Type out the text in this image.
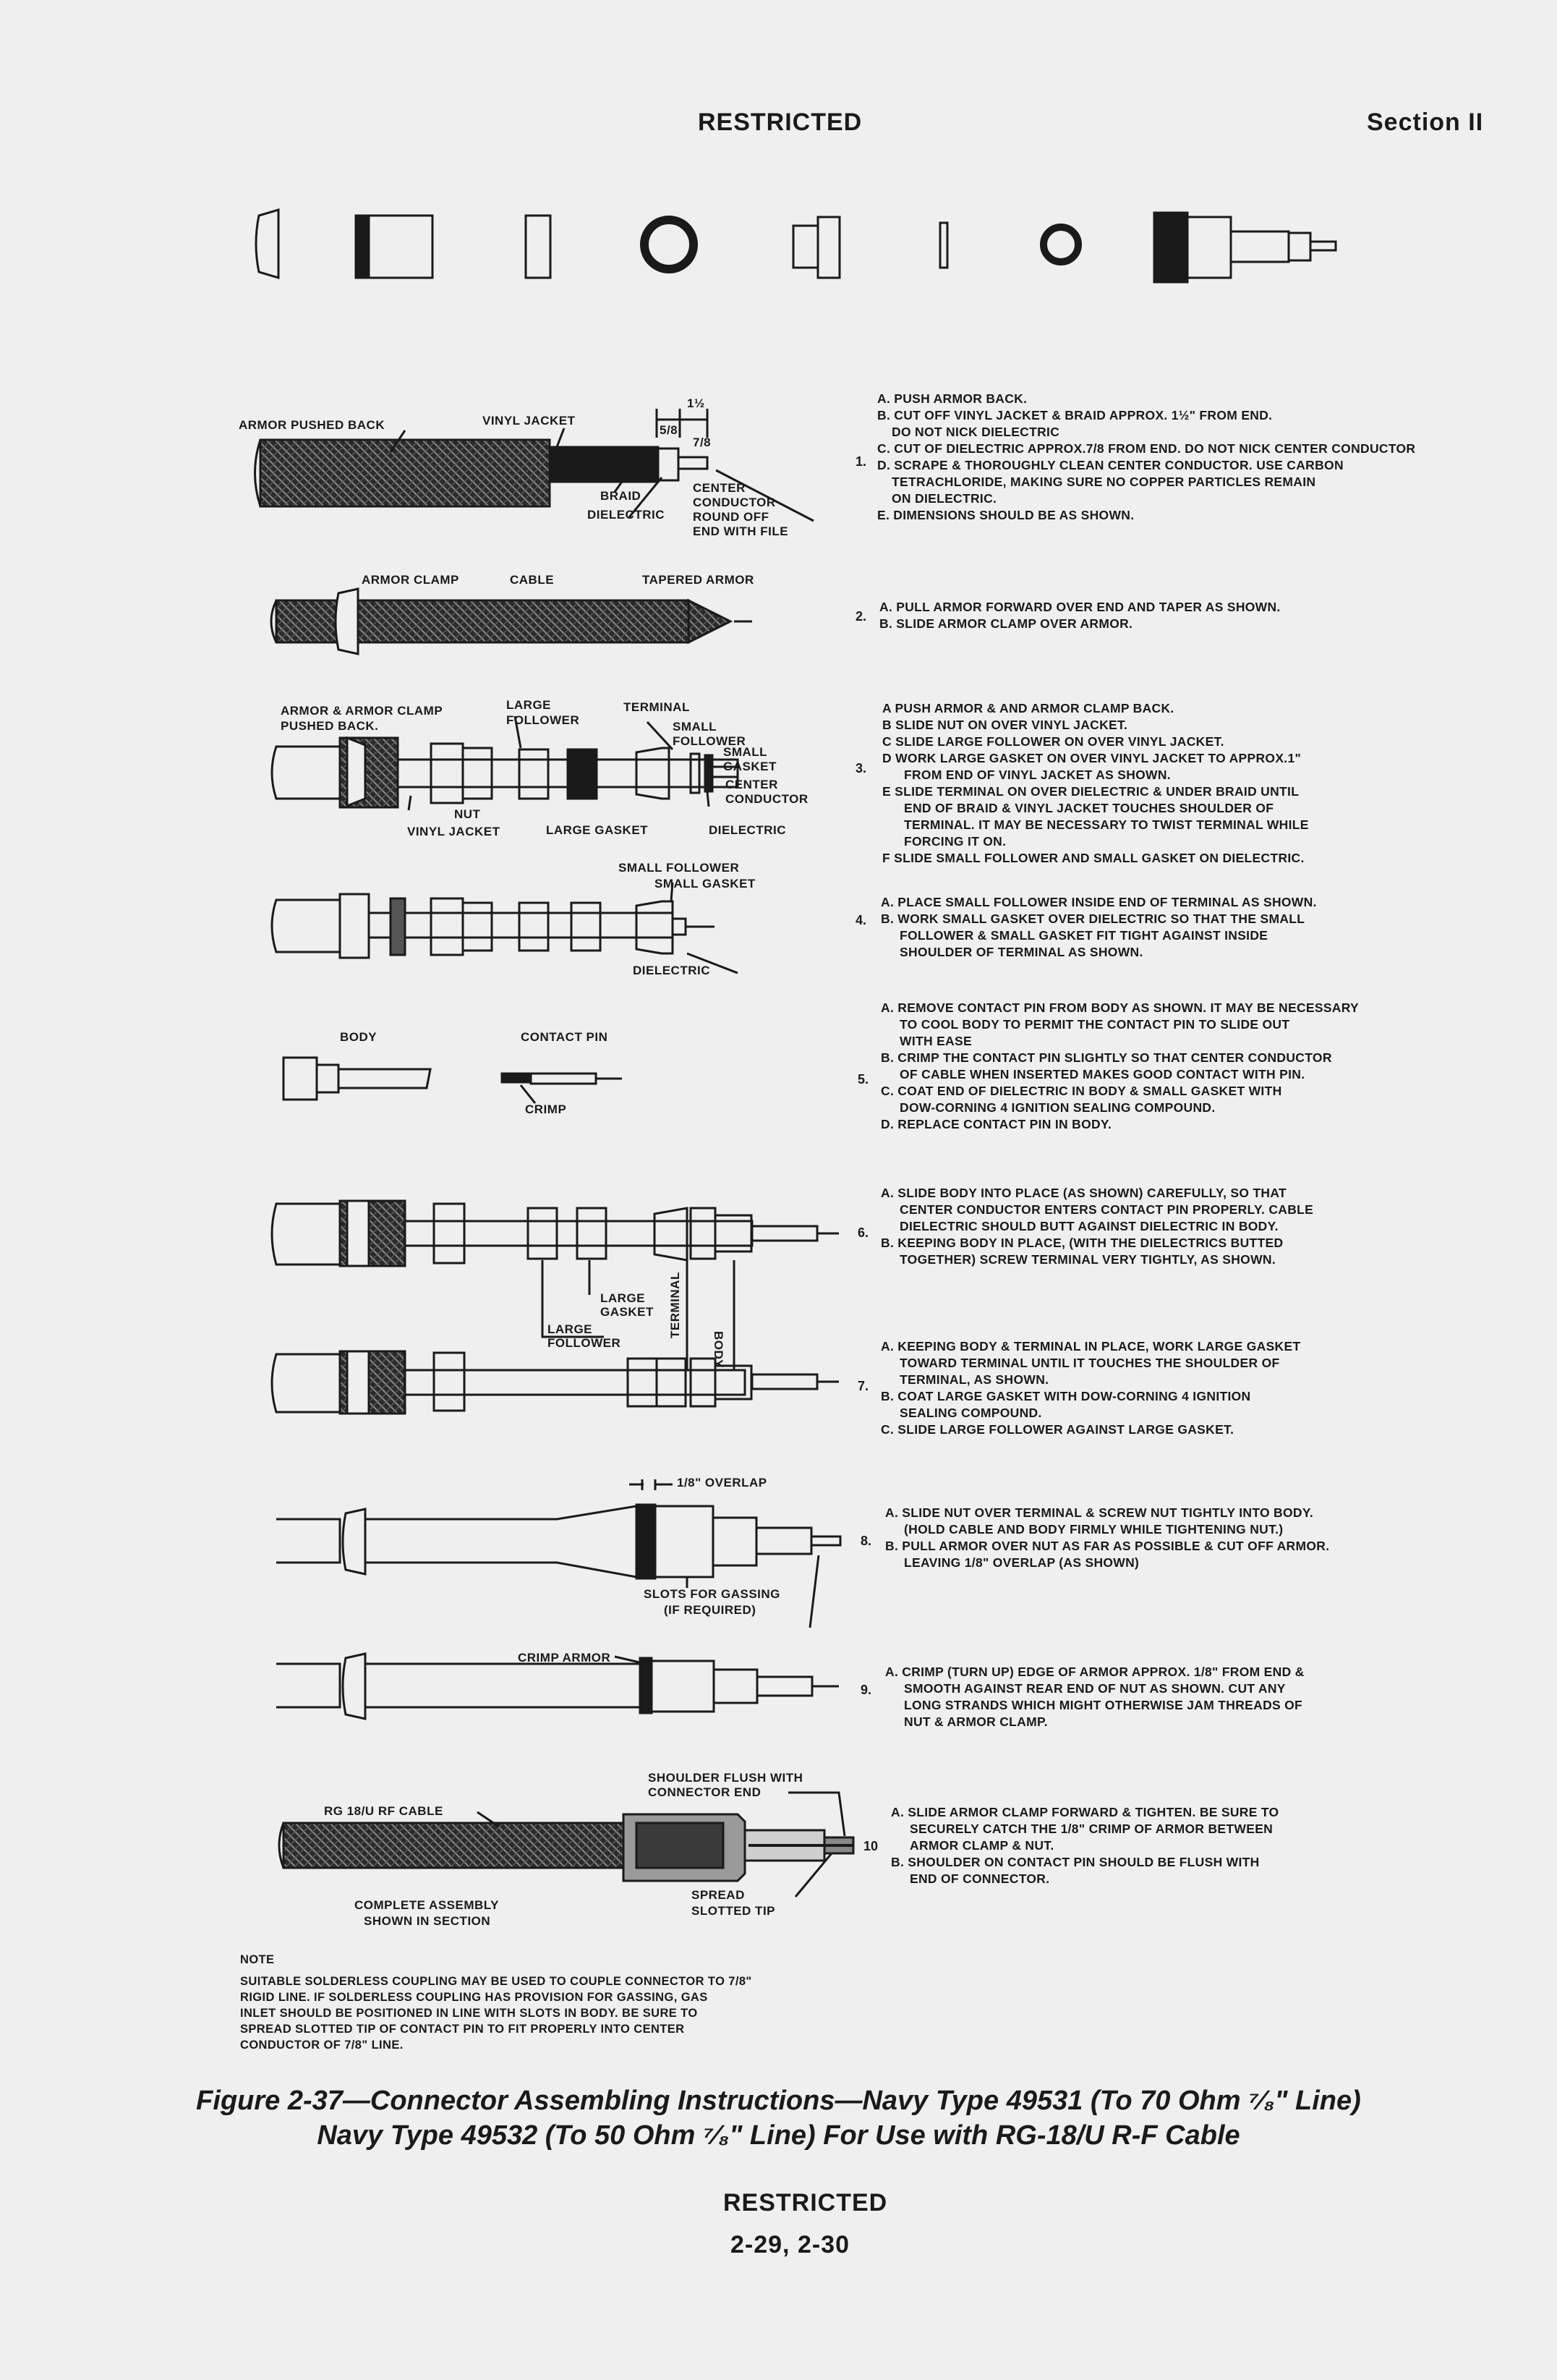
RESTRICTED	Section II
ARMOR PUSHED BACK	VINYL JACKET
1½
5/8
7/8
BRAID
DIELECTRIC
CENTER CONDUCTOR ROUND OFF END WITH FILE
1.
A. PUSH ARMOR BACK.
B. CUT OFF VINYL JACKET & BRAID APPROX. 1½" FROM END.
DO NOT NICK DIELECTRIC
C. CUT OF DIELECTRIC APPROX.7/8 FROM END. DO NOT NICK CENTER CONDUCTOR
D. SCRAPE & THOROUGHLY CLEAN CENTER CONDUCTOR. USE CARBON
TETRACHLORIDE, MAKING SURE NO COPPER PARTICLES REMAIN
ON DIELECTRIC.
E. DIMENSIONS SHOULD BE AS SHOWN.
ARMOR CLAMP	CABLE	TAPERED ARMOR
2.
A. PULL ARMOR FORWARD OVER END AND TAPER AS SHOWN.
B. SLIDE ARMOR CLAMP OVER ARMOR.
ARMOR & ARMOR CLAMP PUSHED BACK.
LARGE FOLLOWER
TERMINAL
SMALL FOLLOWER
SMALL GASKET
CENTER CONDUCTOR
NUT
VINYL JACKET	LARGE GASKET	DIELECTRIC
3.
A PUSH ARMOR & AND ARMOR CLAMP BACK.
B SLIDE NUT ON OVER VINYL JACKET.
C SLIDE LARGE FOLLOWER ON OVER VINYL JACKET.
D WORK LARGE GASKET ON OVER VINYL JACKET TO APPROX.1"
FROM END OF VINYL JACKET AS SHOWN.
E SLIDE TERMINAL ON OVER DIELECTRIC & UNDER BRAID UNTIL
END OF BRAID & VINYL JACKET TOUCHES SHOULDER OF
TERMINAL. IT MAY BE NECESSARY TO TWIST TERMINAL WHILE
FORCING IT ON.
F SLIDE SMALL FOLLOWER AND SMALL GASKET ON DIELECTRIC.
SMALL FOLLOWER
SMALL GASKET
DIELECTRIC
4.
A. PLACE SMALL FOLLOWER INSIDE END OF TERMINAL AS SHOWN.
B. WORK SMALL GASKET OVER DIELECTRIC SO THAT THE SMALL
FOLLOWER & SMALL GASKET FIT TIGHT AGAINST INSIDE
SHOULDER OF TERMINAL AS SHOWN.
BODY	CONTACT PIN
CRIMP
5.
A. REMOVE CONTACT PIN FROM BODY AS SHOWN. IT MAY BE NECESSARY
TO COOL BODY TO PERMIT THE CONTACT PIN TO SLIDE OUT
WITH EASE
B. CRIMP THE CONTACT PIN SLIGHTLY SO THAT CENTER CONDUCTOR
OF CABLE WHEN INSERTED MAKES GOOD CONTACT WITH PIN.
C. COAT END OF DIELECTRIC IN BODY & SMALL GASKET WITH
DOW-CORNING 4 IGNITION SEALING COMPOUND.
D. REPLACE CONTACT PIN IN BODY.
LARGE GASKET
LARGE FOLLOWER
TERMINAL
BODY
6.
A. SLIDE BODY INTO PLACE (AS SHOWN) CAREFULLY, SO THAT
CENTER CONDUCTOR ENTERS CONTACT PIN PROPERLY. CABLE
DIELECTRIC SHOULD BUTT AGAINST DIELECTRIC IN BODY.
B. KEEPING BODY IN PLACE, (WITH THE DIELECTRICS BUTTED
TOGETHER) SCREW TERMINAL VERY TIGHTLY, AS SHOWN.
7.
A. KEEPING BODY & TERMINAL IN PLACE, WORK LARGE GASKET
TOWARD TERMINAL UNTIL IT TOUCHES THE SHOULDER OF
TERMINAL, AS SHOWN.
B. COAT LARGE GASKET WITH DOW-CORNING 4 IGNITION
SEALING COMPOUND.
C. SLIDE LARGE FOLLOWER AGAINST LARGE GASKET.
1/8" OVERLAP
SLOTS FOR GASSING
(IF REQUIRED)
8.
A. SLIDE NUT OVER TERMINAL & SCREW NUT TIGHTLY INTO BODY.
(HOLD CABLE AND BODY FIRMLY WHILE TIGHTENING NUT.)
B. PULL ARMOR OVER NUT AS FAR AS POSSIBLE & CUT OFF ARMOR.
LEAVING 1/8" OVERLAP (AS SHOWN)
CRIMP ARMOR
9.
A. CRIMP (TURN UP) EDGE OF ARMOR APPROX. 1/8" FROM END &
SMOOTH AGAINST REAR END OF NUT AS SHOWN. CUT ANY
LONG STRANDS WHICH MIGHT OTHERWISE JAM THREADS OF
NUT & ARMOR CLAMP.
SHOULDER FLUSH WITH
CONNECTOR END
RG 18/U RF CABLE
COMPLETE ASSEMBLY
SHOWN IN SECTION
SPREAD
SLOTTED TIP
10
A. SLIDE ARMOR CLAMP FORWARD & TIGHTEN. BE SURE TO
SECURELY CATCH THE 1/8" CRIMP OF ARMOR BETWEEN
ARMOR CLAMP & NUT.
B. SHOULDER ON CONTACT PIN SHOULD BE FLUSH WITH
END OF CONNECTOR.
NOTE
SUITABLE SOLDERLESS COUPLING MAY BE USED TO COUPLE CONNECTOR TO 7/8"
RIGID LINE. IF SOLDERLESS COUPLING HAS PROVISION FOR GASSING, GAS
INLET SHOULD BE POSITIONED IN LINE WITH SLOTS IN BODY. BE SURE TO
SPREAD SLOTTED TIP OF CONTACT PIN TO FIT PROPERLY INTO CENTER
CONDUCTOR OF 7/8" LINE.
Figure 2-37—Connector Assembling Instructions—Navy Type 49531 (To 70 Ohm ⁷⁄₈" Line)
Navy Type 49532 (To 50 Ohm ⁷⁄₈" Line) For Use with RG-18/U R-F Cable
RESTRICTED
2-29, 2-30
